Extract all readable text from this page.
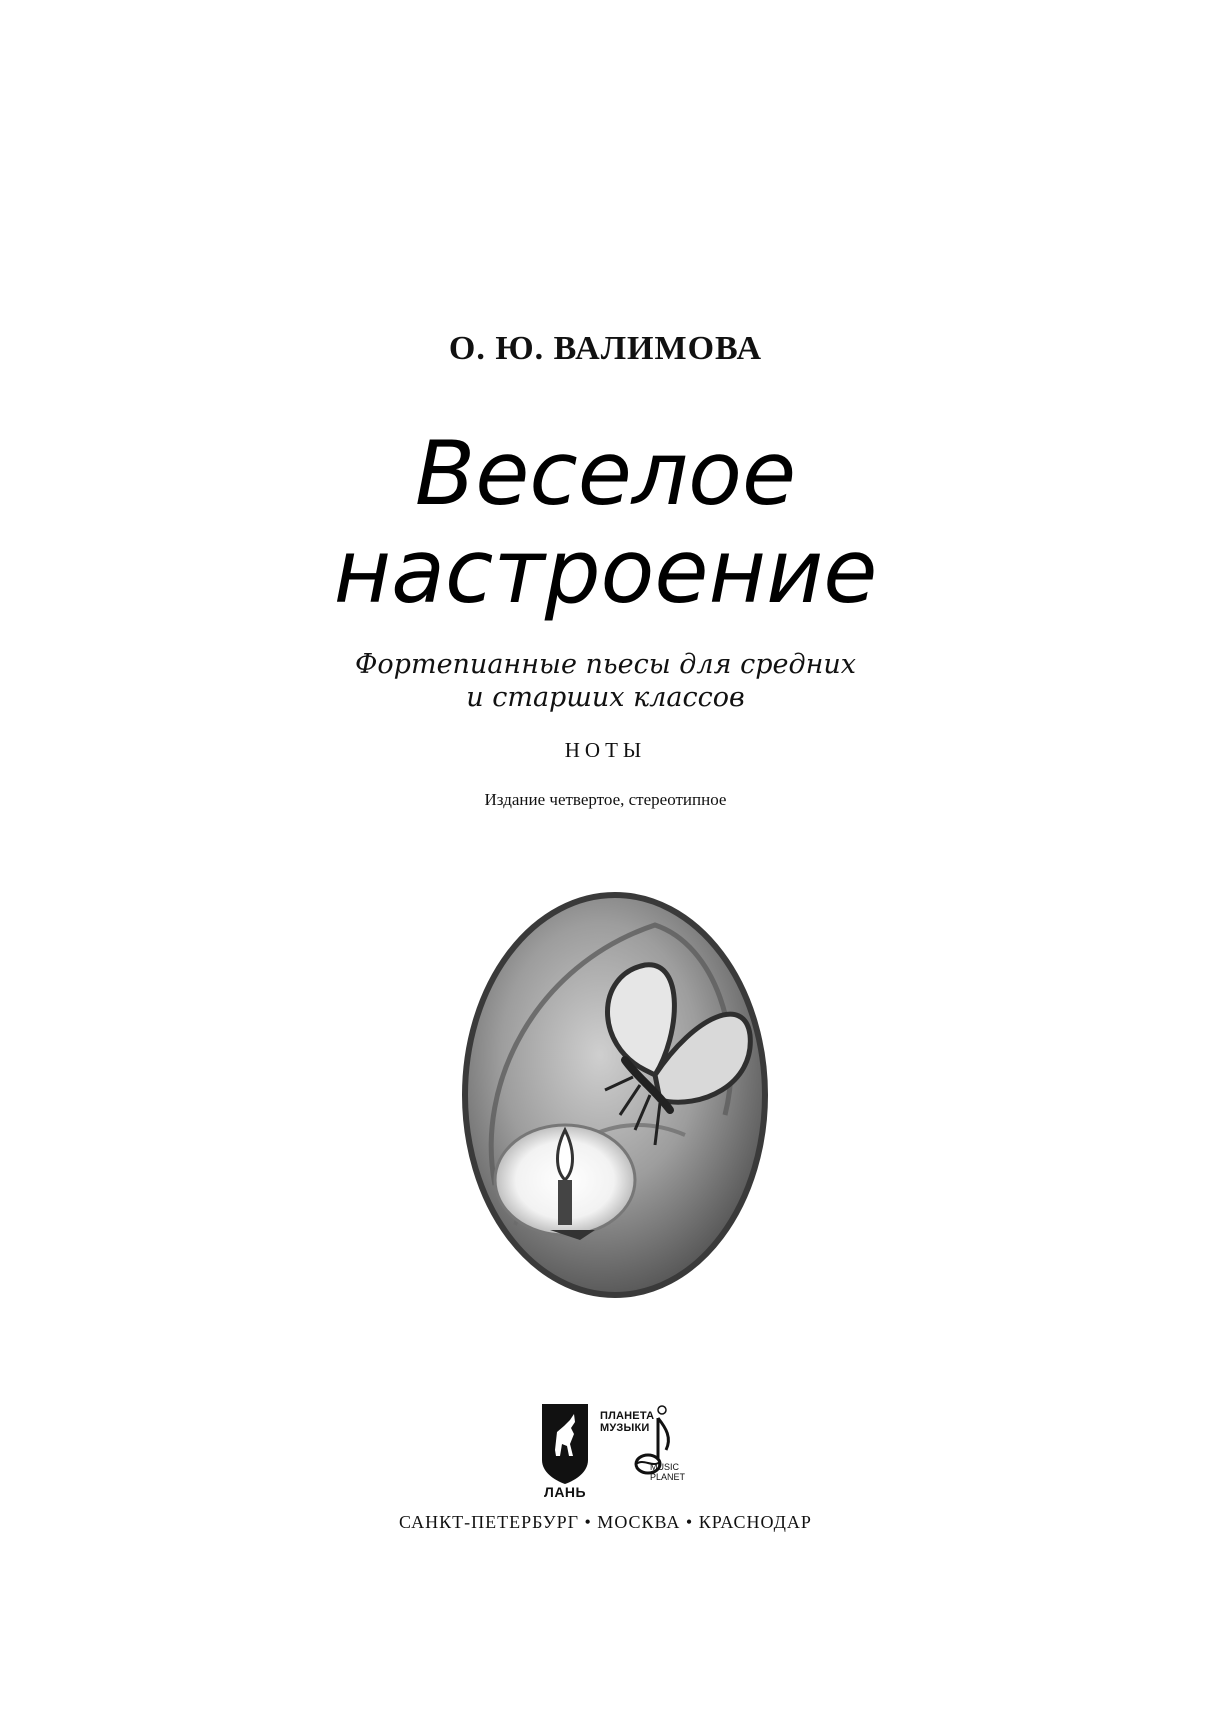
О. Ю. ВАЛИМОВА
Веселое
настроение
Фортепианные пьесы для средних
и старших классов
НОТЫ
Издание четвертое, стереотипное
ЛАНЬ
ПЛАНЕТА
МУЗЫКИ
MUSIC
PLANET
САНКТ-ПЕТЕРБУРГ • МОСКВА • КРАСНОДАР
